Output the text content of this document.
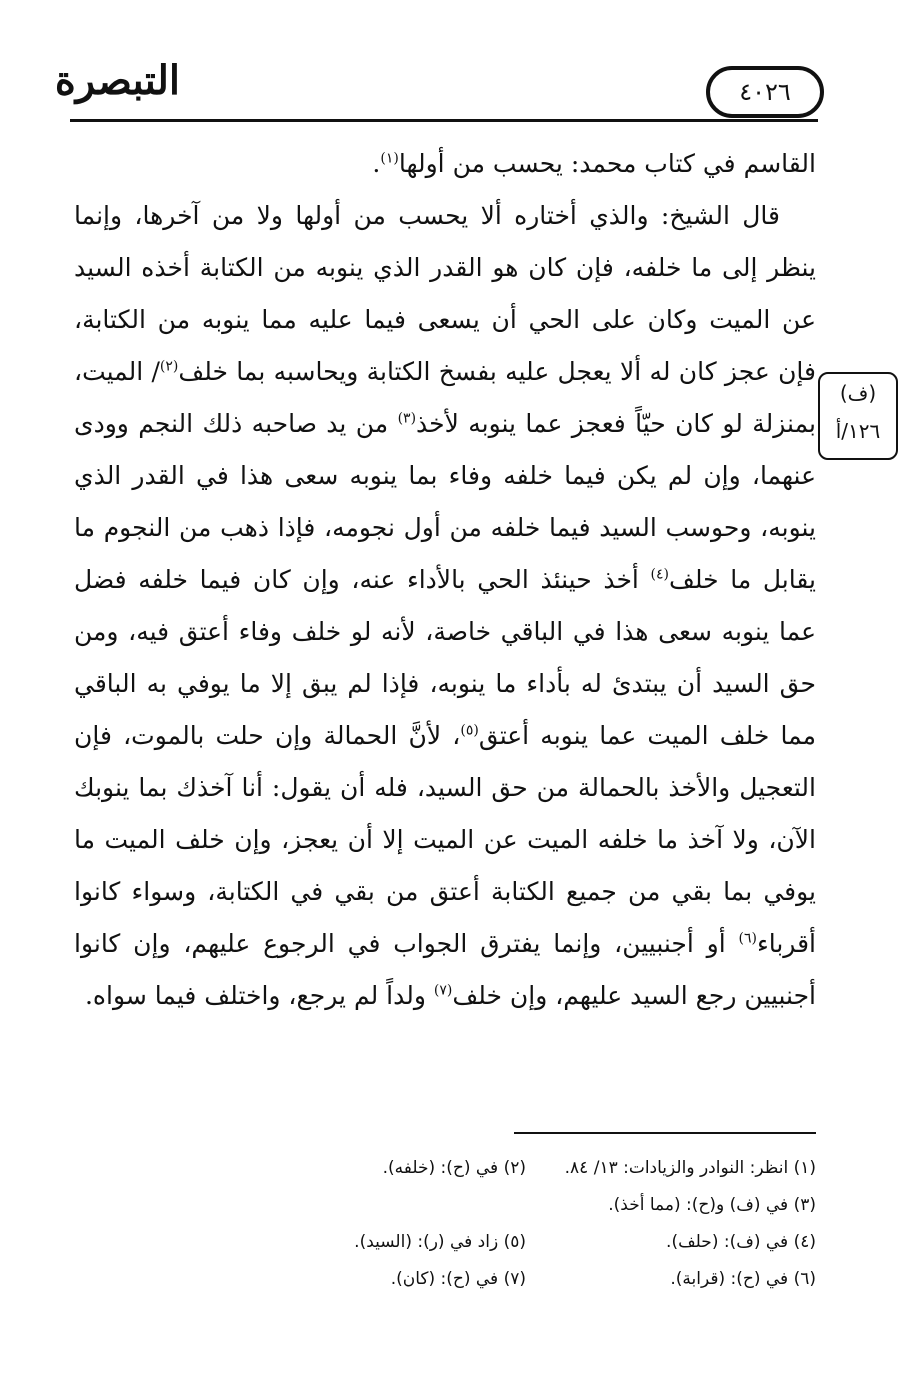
التبصرة	٤٠٢٦
(ف)
١٢٦/أ

القاسم في كتاب محمد: يحسب من أولها$^{(١)}$.

قال الشيخ: والذي أختاره ألا يحسب من أولها ولا من آخرها، وإنما ينظر إلى ما خلفه، فإن كان هو القدر الذي ينوبه من الكتابة أخذه السيد عن الميت وكان على الحي أن يسعى فيما عليه مما ينوبه من الكتابة، فإن عجز كان له ألا يعجل عليه بفسخ الكتابة ويحاسبه بما خلف$^{(٢)}$/ الميت، بمنزلة لو كان حيّاً فعجز عما ينوبه لأخذ$^{(٣)}$ من يد صاحبه ذلك النجم وودى عنهما، وإن لم يكن فيما خلفه وفاء بما ينوبه سعى هذا في القدر الذي ينوبه، وحوسب السيد فيما خلفه من أول نجومه، فإذا ذهب من النجوم ما يقابل ما خلف$^{(٤)}$ أخذ حينئذ الحي بالأداء عنه، وإن كان فيما خلفه فضل عما ينوبه سعى هذا في الباقي خاصة، لأنه لو خلف وفاء أعتق فيه، ومن حق السيد أن يبتدئ له بأداء ما ينوبه، فإذا لم يبق إلا ما يوفي به الباقي مما خلف الميت عما ينوبه أعتق$^{(٥)}$، لأنَّ الحمالة وإن حلت بالموت، فإن التعجيل والأخذ بالحمالة من حق السيد، فله أن يقول: أنا آخذك بما ينوبك الآن، ولا آخذ ما خلفه الميت عن الميت إلا أن يعجز، وإن خلف الميت ما يوفي بما بقي من جميع الكتابة أعتق من بقي في الكتابة، وسواء كانوا أقرباء$^{(٦)}$ أو أجنبيين، وإنما يفترق الجواب في الرجوع عليهم، وإن كانوا أجنبيين رجع السيد عليهم، وإن خلف$^{(٧)}$ ولداً لم يرجع، واختلف فيما سواه.

(١) انظر: النوادر والزيادات: ١٣/ ٨٤.
(٢) في (ح): (خلفه).
(٣) في (ف) و(ح): (مما أخذ).
(٤) في (ف): (حلف).
(٥) زاد في (ر): (السيد).
(٦) في (ح): (قرابة).
(٧) في (ح): (كان).
